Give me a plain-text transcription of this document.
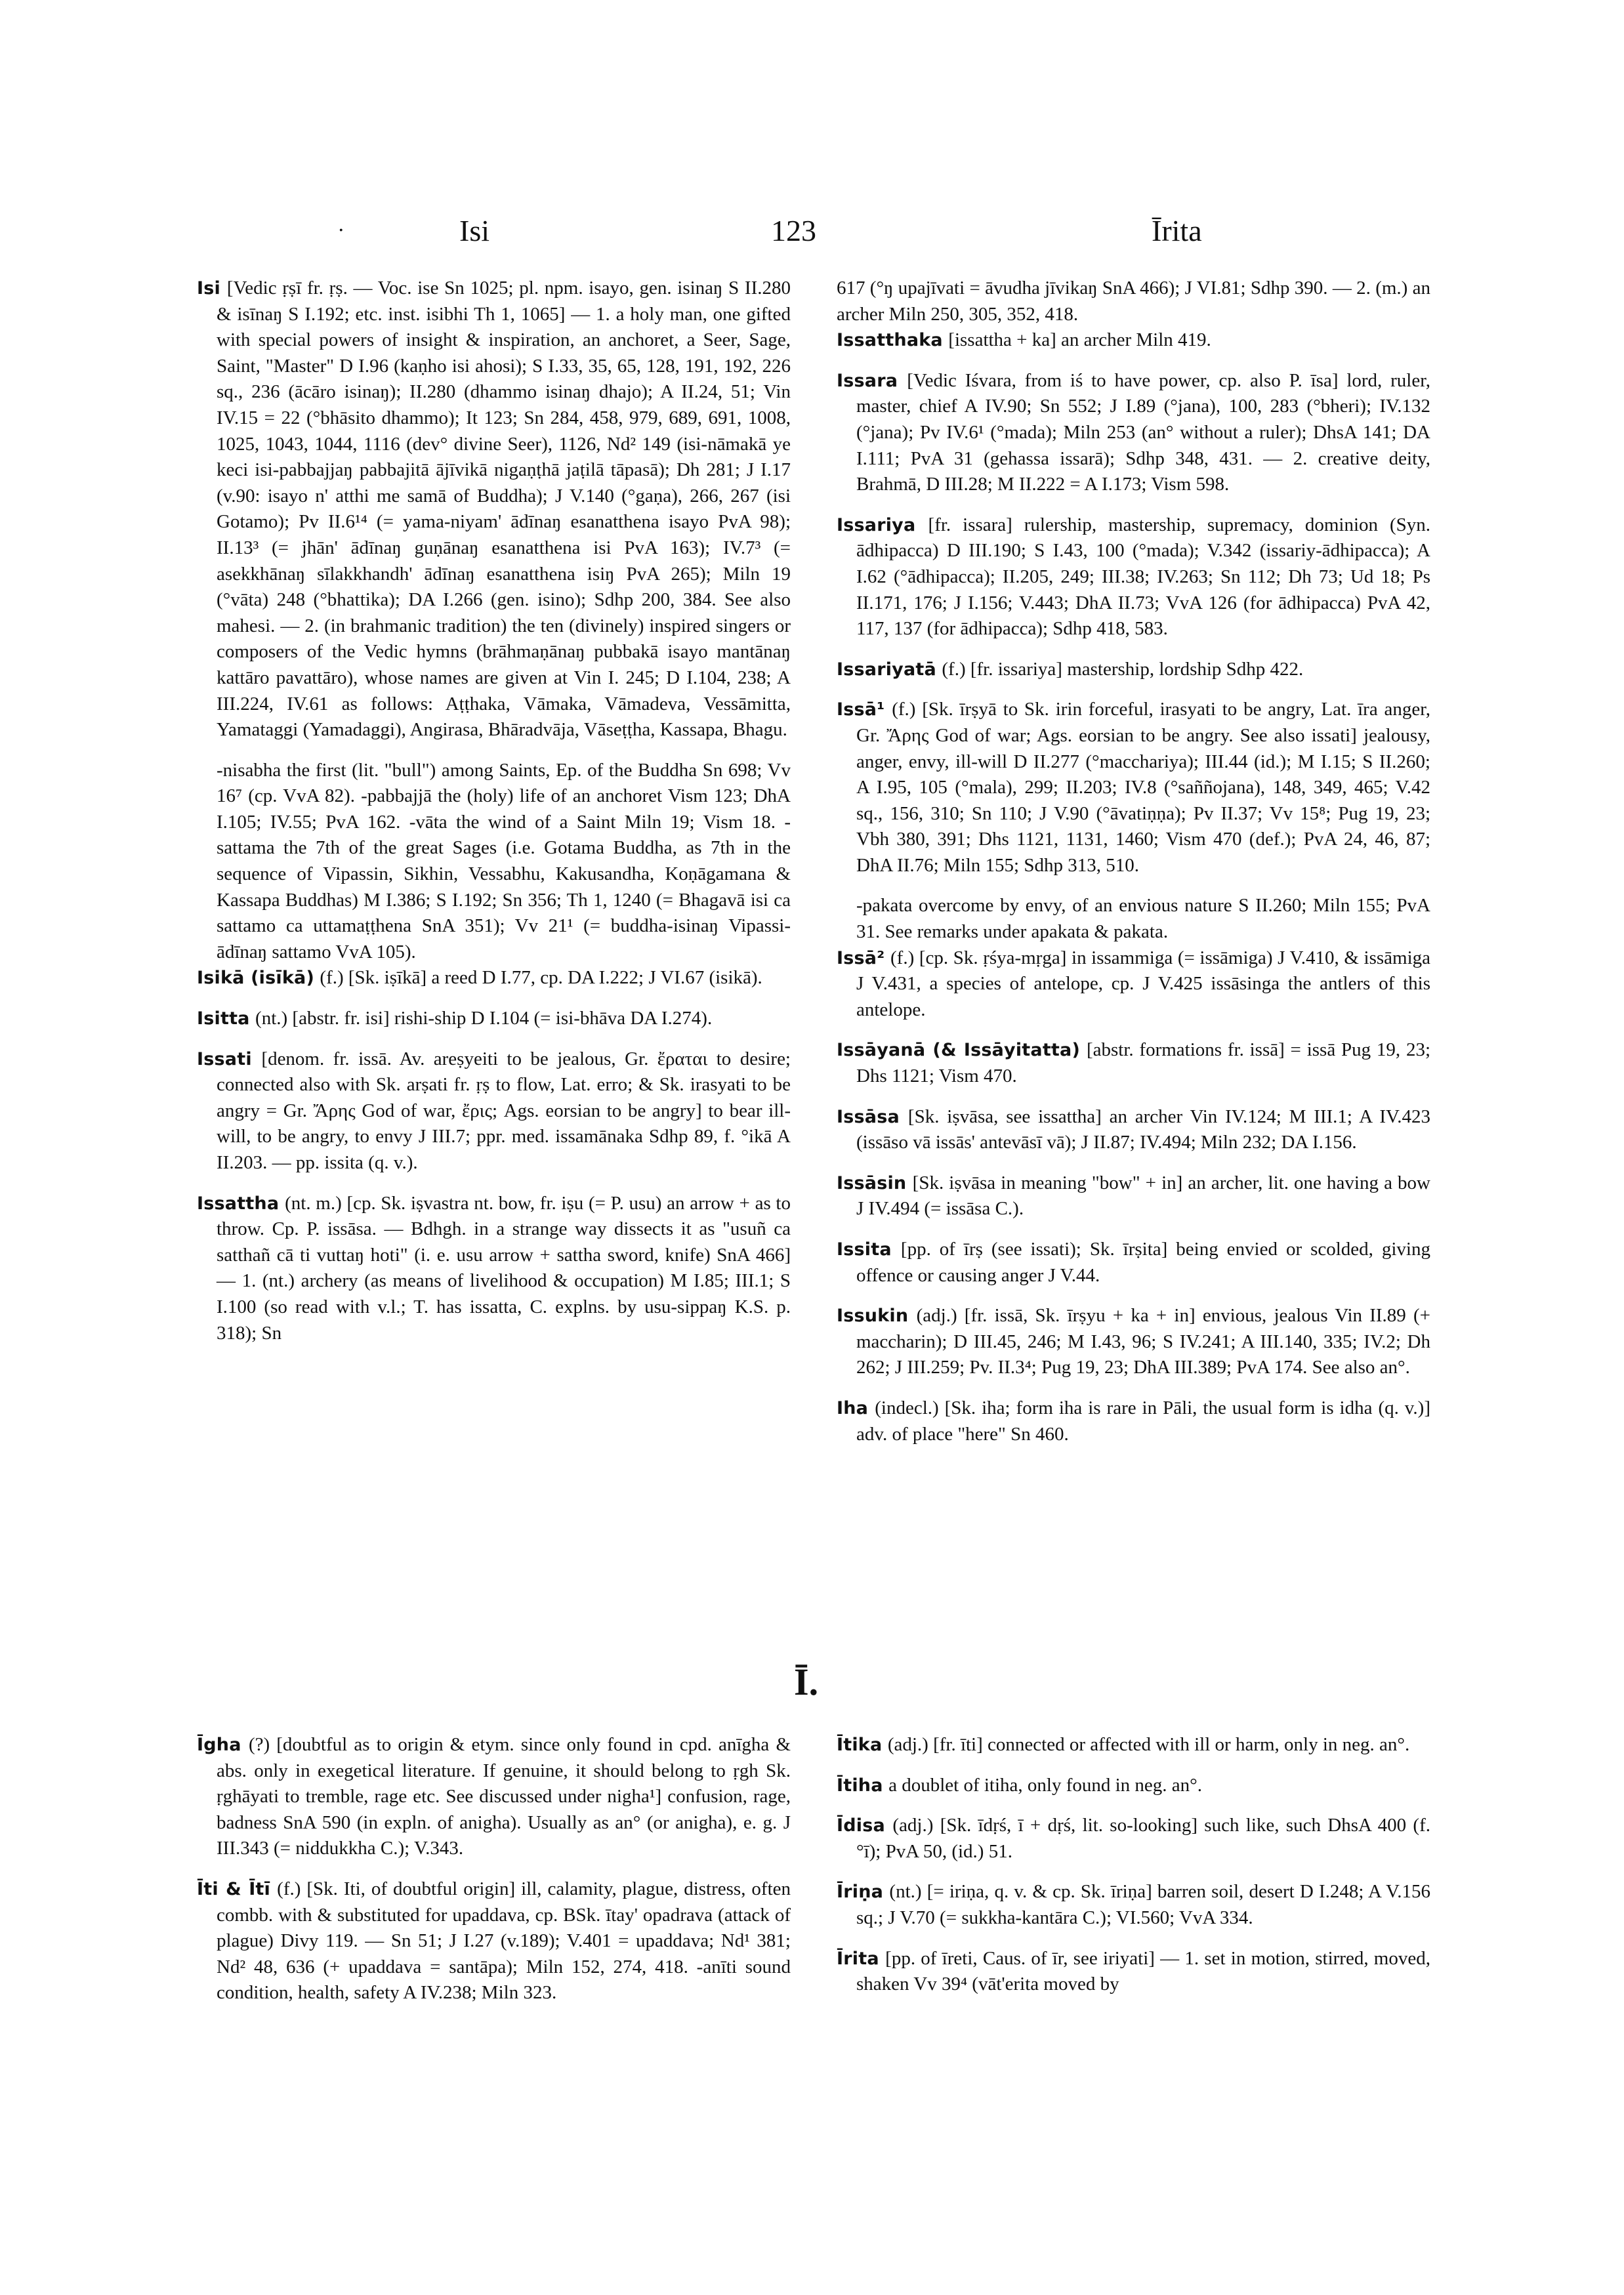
.	Isi	123	Īrita

Isi [Vedic ṛṣī fr. ṛṣ. — Voc. ise Sn 1025; pl. npm. isayo, gen. isinaŋ S II.280 & isīnaŋ S I.192; etc. inst. isibhi Th 1, 1065] — 1. a holy man, one gifted with special powers of insight & inspiration, an anchoret, a Seer, Sage, Saint, "Master" D I.96 (kaṇho isi ahosi); S I.33, 35, 65, 128, 191, 192, 226 sq., 236 (ācāro isinaŋ); II.280 (dhammo isinaŋ dhajo); A II.24, 51; Vin IV.15 = 22 (°bhāsito dhammo); It 123; Sn 284, 458, 979, 689, 691, 1008, 1025, 1043, 1044, 1116 (dev° divine Seer), 1126, Nd² 149 (isi-nāmakā ye keci isi-pabbajjaŋ pabbajitā ājīvikā nigaṇṭhā jaṭilā tāpasā); Dh 281; J I.17 (v.90: isayo n' atthi me samā of Buddha); J V.140 (°gaṇa), 266, 267 (isi Gotamo); Pv II.6¹⁴ (= yama-niyam' ādīnaŋ esanatthena isayo PvA 98); II.13³ (= jhān' ādīnaŋ guṇānaŋ esanatthena isi PvA 163); IV.7³ (= asekkhānaŋ sīlakkhandh' ādīnaŋ esanatthena isiŋ PvA 265); Miln 19 (°vāta) 248 (°bhattika); DA I.266 (gen. isino); Sdhp 200, 384. See also mahesi. — 2. (in brahmanic tradition) the ten (divinely) inspired singers or composers of the Vedic hymns (brāhmaṇānaŋ pubbakā isayo mantānaŋ kattāro pavattāro), whose names are given at Vin I. 245; D I.104, 238; A III.224, IV.61 as follows: Aṭṭhaka, Vāmaka, Vāmadeva, Vessāmitta, Yamataggi (Yamadaggi), Angirasa, Bhāradvāja, Vāseṭṭha, Kassapa, Bhagu.

-nisabha the first (lit. "bull") among Saints, Ep. of the Buddha Sn 698; Vv 16⁷ (cp. VvA 82). -pabbajjā the (holy) life of an anchoret Vism 123; DhA I.105; IV.55; PvA 162. -vāta the wind of a Saint Miln 19; Vism 18. -sattama the 7th of the great Sages (i.e. Gotama Buddha, as 7th in the sequence of Vipassin, Sikhin, Vessabhu, Kakusandha, Koṇāgamana & Kassapa Buddhas) M I.386; S I.192; Sn 356; Th 1, 1240 (= Bhagavā isi ca sattamo ca uttamaṭṭhena SnA 351); Vv 21¹ (= buddha-isinaŋ Vipassi-ādīnaŋ sattamo VvA 105).

Isikā (isīkā) (f.) [Sk. iṣīkā] a reed D I.77, cp. DA I.222; J VI.67 (isikā).

Isitta (nt.) [abstr. fr. isi] rishi-ship D I.104 (= isi-bhāva DA I.274).

Issati [denom. fr. issā. Av. areṣyeiti to be jealous, Gr. ἔραται to desire; connected also with Sk. arṣati fr. ṛṣ to flow, Lat. erro; & Sk. irasyati to be angry = Gr. Ἄρης God of war, ἔρις; Ags. eorsian to be angry] to bear ill-will, to be angry, to envy J III.7; ppr. med. issamānaka Sdhp 89, f. °ikā A II.203. — pp. issita (q. v.).

Issattha (nt. m.) [cp. Sk. iṣvastra nt. bow, fr. iṣu (= P. usu) an arrow + as to throw. Cp. P. issāsa. — Bdhgh. in a strange way dissects it as "usuñ ca satthañ cā ti vuttaŋ hoti" (i. e. usu arrow + sattha sword, knife) SnA 466] — 1. (nt.) archery (as means of livelihood & occupation) M I.85; III.1; S I.100 (so read with v.l.; T. has issatta, C. explns. by usu-sippaŋ K.S. p. 318); Sn

617 (°ŋ upajīvati = āvudha jīvikaŋ SnA 466); J VI.81; Sdhp 390. — 2. (m.) an archer Miln 250, 305, 352, 418.

Issatthaka [issattha + ka] an archer Miln 419.

Issara [Vedic Iśvara, from iś to have power, cp. also P. īsa] lord, ruler, master, chief A IV.90; Sn 552; J I.89 (°jana), 100, 283 (°bheri); IV.132 (°jana); Pv IV.6¹ (°mada); Miln 253 (an° without a ruler); DhsA 141; DA I.111; PvA 31 (gehassa issarā); Sdhp 348, 431. — 2. creative deity, Brahmā, D III.28; M II.222 = A I.173; Vism 598.

Issariya [fr. issara] rulership, mastership, supremacy, dominion (Syn. ādhipacca) D III.190; S I.43, 100 (°mada); V.342 (issariy-ādhipacca); A I.62 (°ādhipacca); II.205, 249; III.38; IV.263; Sn 112; Dh 73; Ud 18; Ps II.171, 176; J I.156; V.443; DhA II.73; VvA 126 (for ādhipacca) PvA 42, 117, 137 (for ādhipacca); Sdhp 418, 583.

Issariyatā (f.) [fr. issariya] mastership, lordship Sdhp 422.

Issā¹ (f.) [Sk. īrṣyā to Sk. irin forceful, irasyati to be angry, Lat. īra anger, Gr. Ἄρης God of war; Ags. eorsian to be angry. See also issati] jealousy, anger, envy, ill-will D II.277 (°macchariya); III.44 (id.); M I.15; S II.260; A I.95, 105 (°mala), 299; II.203; IV.8 (°saññojana), 148, 349, 465; V.42 sq., 156, 310; Sn 110; J V.90 (°āvatiṇṇa); Pv II.37; Vv 15⁸; Pug 19, 23; Vbh 380, 391; Dhs 1121, 1131, 1460; Vism 470 (def.); PvA 24, 46, 87; DhA II.76; Miln 155; Sdhp 313, 510.

-pakata overcome by envy, of an envious nature S II.260; Miln 155; PvA 31. See remarks under apakata & pakata.

Issā² (f.) [cp. Sk. ṛśya-mṛga] in issammiga (= issāmiga) J V.410, & issāmiga J V.431, a species of antelope, cp. J V.425 issāsinga the antlers of this antelope.

Issāyanā (& Issāyitatta) [abstr. formations fr. issā] = issā Pug 19, 23; Dhs 1121; Vism 470.

Issāsa [Sk. iṣvāsa, see issattha] an archer Vin IV.124; M III.1; A IV.423 (issāso vā issās' antevāsī vā); J II.87; IV.494; Miln 232; DA I.156.

Issāsin [Sk. iṣvāsa in meaning "bow" + in] an archer, lit. one having a bow J IV.494 (= issāsa C.).

Issita [pp. of īrṣ (see issati); Sk. īrṣita] being envied or scolded, giving offence or causing anger J V.44.

Issukin (adj.) [fr. issā, Sk. īrṣyu + ka + in] envious, jealous Vin II.89 (+ maccharin); D III.45, 246; M I.43, 96; S IV.241; A III.140, 335; IV.2; Dh 262; J III.259; Pv. II.3⁴; Pug 19, 23; DhA III.389; PvA 174. See also an°.

Iha (indecl.) [Sk. iha; form iha is rare in Pāli, the usual form is idha (q. v.)] adv. of place "here" Sn 460.

Ī.

Īgha (?) [doubtful as to origin & etym. since only found in cpd. anīgha & abs. only in exegetical literature. If genuine, it should belong to ṛgh Sk. ṛghāyati to tremble, rage etc. See discussed under nigha¹] confusion, rage, badness SnA 590 (in expln. of anigha). Usually as an° (or anigha), e. g. J III.343 (= niddukkha C.); V.343.

Īti & Ītī (f.) [Sk. Iti, of doubtful origin] ill, calamity, plague, distress, often combb. with & substituted for upaddava, cp. BSk. ītay' opadrava (attack of plague) Divy 119. — Sn 51; J I.27 (v.189); V.401 = upaddava; Nd¹ 381; Nd² 48, 636 (+ upaddava = santāpa); Miln 152, 274, 418. -anīti sound condition, health, safety A IV.238; Miln 323.

Ītika (adj.) [fr. īti] connected or affected with ill or harm, only in neg. an°.

Ītiha a doublet of itiha, only found in neg. an°.

Īdisa (adj.) [Sk. īdṛś, ī + dṛś, lit. so-looking] such like, such DhsA 400 (f. °ī); PvA 50, (id.) 51.

Īriṇa (nt.) [= iriṇa, q. v. & cp. Sk. īriṇa] barren soil, desert D I.248; A V.156 sq.; J V.70 (= sukkha-kantāra C.); VI.560; VvA 334.

Īrita [pp. of īreti, Caus. of īr, see iriyati] — 1. set in motion, stirred, moved, shaken Vv 39⁴ (vāt'erita moved by
